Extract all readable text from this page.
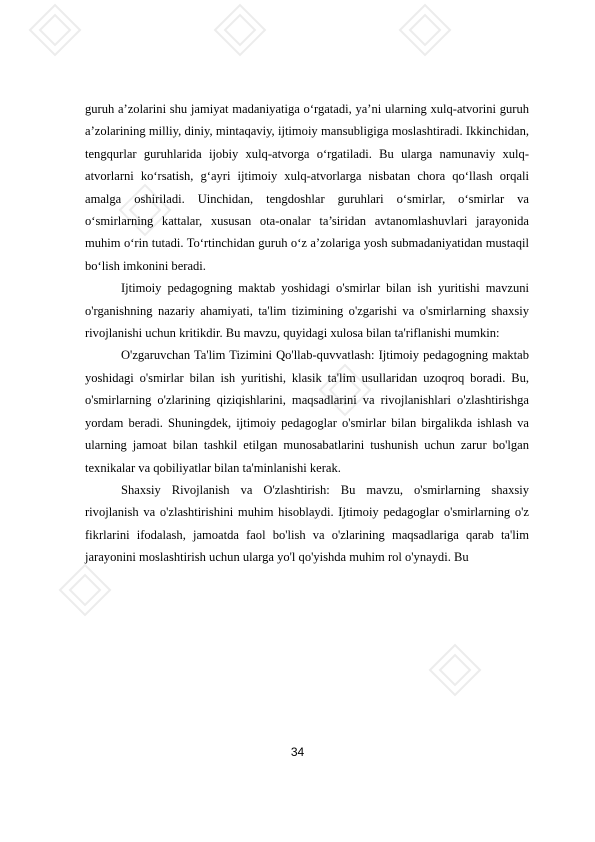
guruh a’zolarini shu jamiyat madaniyatiga o‘rgatadi, ya’ni ularning xulq-atvorini guruh a’zolarining milliy, diniy, mintaqaviy, ijtimoiy mansubligiga moslashtiradi. Ikkinchidan, tengqurlar guruhlarida ijobiy xulq-atvorga o‘rgatiladi. Bu ularga namunaviy xulq-atvorlarni ko‘rsatish, g‘ayri ijtimoiy xulq-atvorlarga nisbatan chora qo‘llash orqali amalga oshiriladi. Uinchidan, tengdoshlar guruhlari o‘smirlar, o‘smirlar va o‘smirlarning kattalar, xususan ota-onalar ta’siridan avtanomlashuvlari jarayonida muhim o‘rin tutadi. To‘rtinchidan guruh o‘z a’zolariga yosh submadaniyatidan mustaqil bo‘lish imkonini beradi.

Ijtimoiy pedagogning maktab yoshidagi o'smirlar bilan ish yuritishi mavzuni o'rganishning nazariy ahamiyati, ta'lim tizimining o'zgarishi va o'smirlarning shaxsiy rivojlanishi uchun kritikdir. Bu mavzu, quyidagi xulosa bilan ta'riflanishi mumkin:

O'zgaruvchan Ta'lim Tizimini Qo'llab-quvvatlash: Ijtimoiy pedagogning maktab yoshidagi o'smirlar bilan ish yuritishi, klasik ta'lim usullaridan uzoqroq boradi. Bu, o'smirlarning o'zlarining qiziqishlarini, maqsadlarini va rivojlanishlari o'zlashtirishga yordam beradi. Shuningdek, ijtimoiy pedagoglar o'smirlar bilan birgalikda ishlash va ularning jamoat bilan tashkil etilgan munosabatlarini tushunish uchun zarur bo'lgan texnikalar va qobiliyatlar bilan ta'minlanishi kerak.

Shaxsiy Rivojlanish va O'zlashtirish: Bu mavzu, o'smirlarning shaxsiy rivojlanish va o'zlashtirishini muhim hisoblaydi. Ijtimoiy pedagoglar o'smirlarning o'z fikrlarini ifodalash, jamoatda faol bo'lish va o'zlarining maqsadlariga qarab ta'lim jarayonini moslashtirish uchun ularga yo'l qo'yishda muhim rol o'ynaydi. Bu

34
